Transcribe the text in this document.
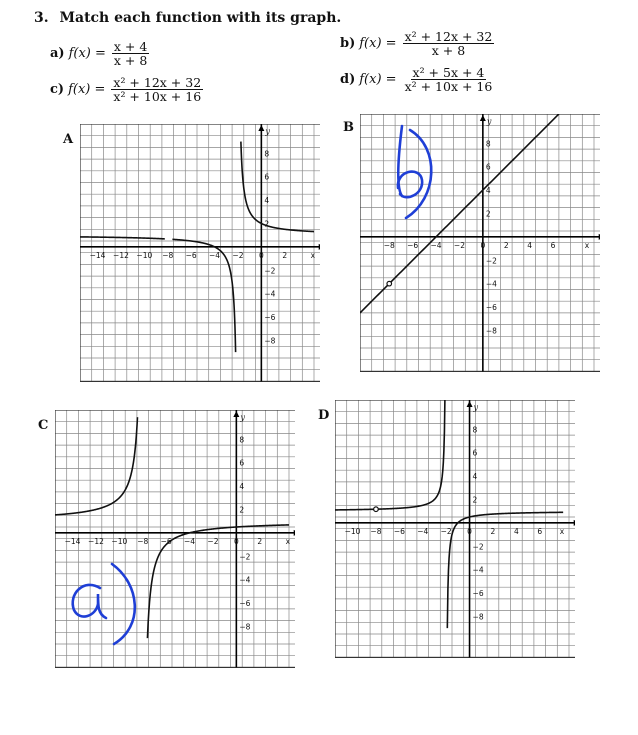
3. Match each function with its graph.
a) $f(x) = \frac{x + 4}{x + 8}$	b) $f(x) = \frac{\text{x² + 12x + 32}}{x + 8}$
c) $f(x) = \frac{\text{x² + 12x + 32}}{\text{x² + 10x + 16}}$	d) $f(x) = \frac{\text{x² + 5x + 4}}{\text{x² + 10x + 16}}$
A
B
C
D
−14 −12 −10 −8 −6 −4 −2 0 2	x
8
6
4
2
−2
−4
−6
−8
y
−8 −6 −4 −2 0 2 4 6	x
8
6
4
2
−2
−4
−6
−8
y
−14 −12 −10 −8 −6 −4 −2 0 2	x
8
6
4
2
−2
−4
−6
−8
y
−10 −8 −6 −4 −2 0 2 4 6 x
8
6
4
2
−2
−4
−6
−8
y
b)
a)
